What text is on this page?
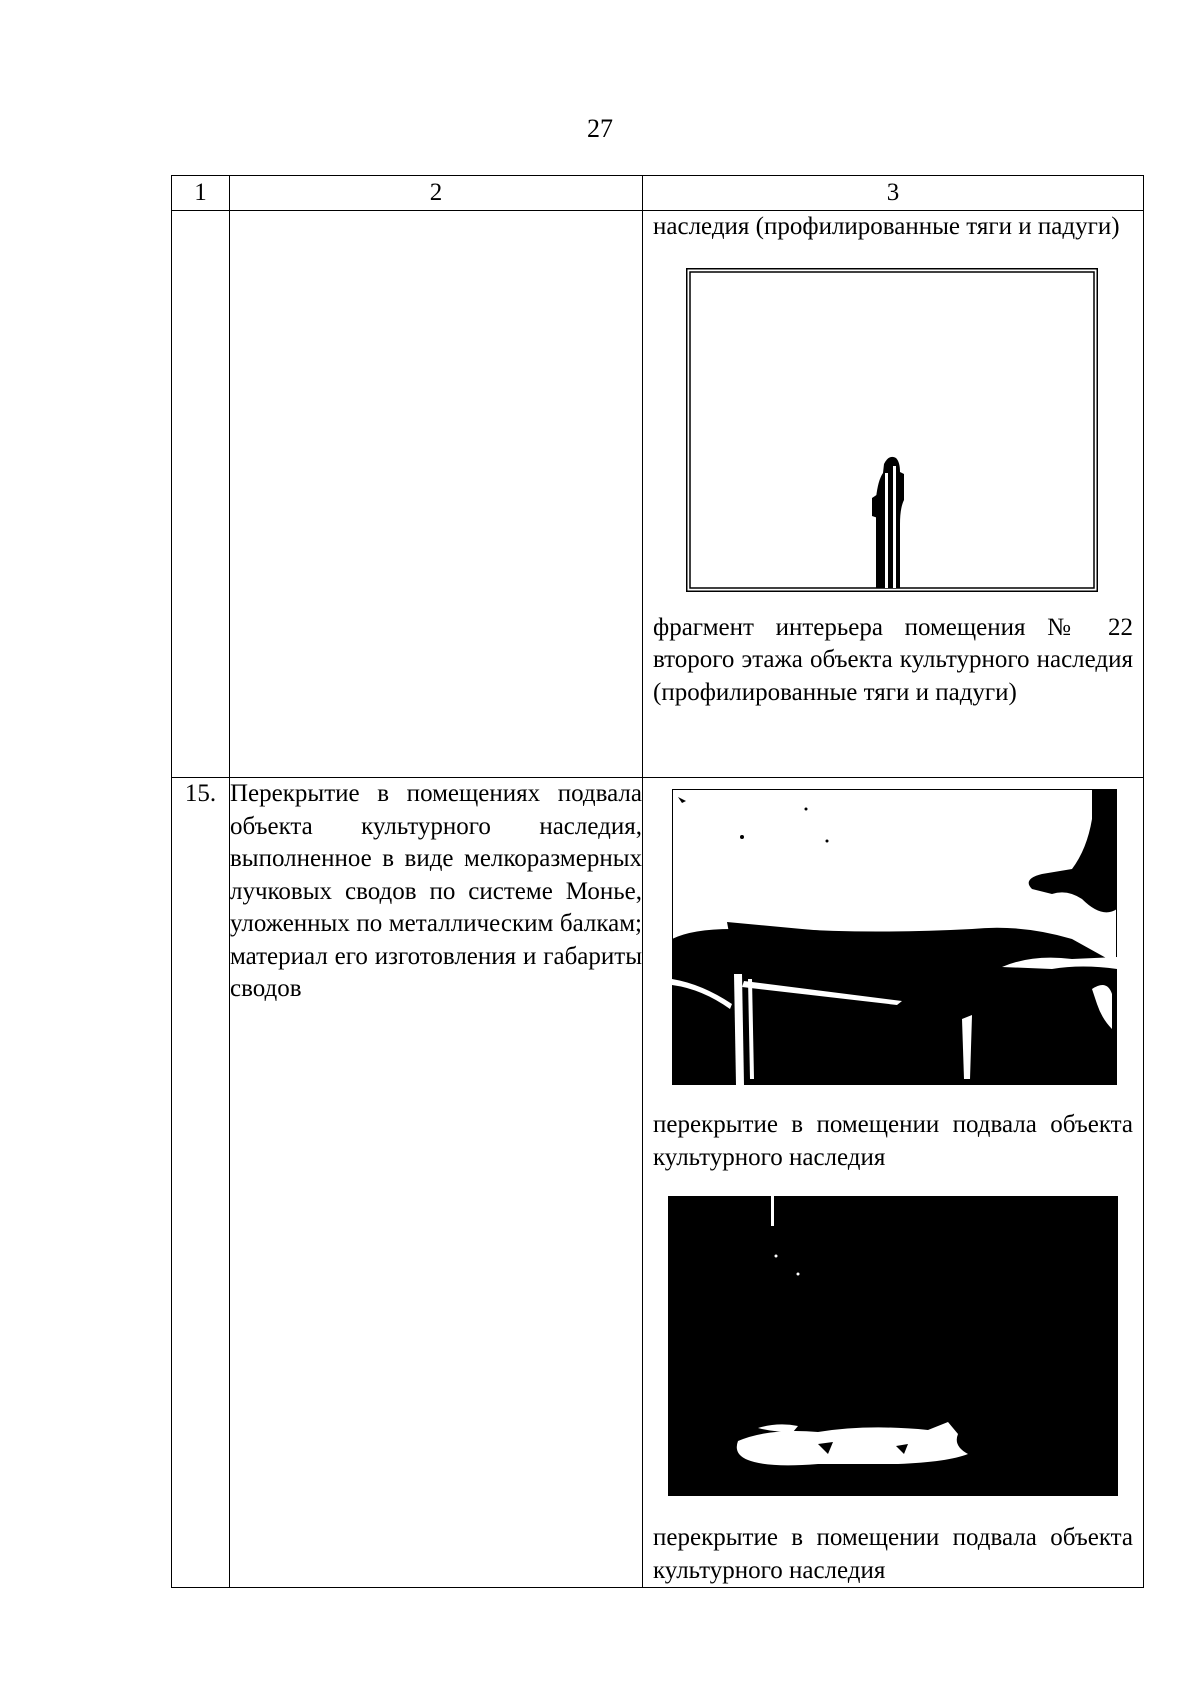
27
1	2	3

		наследия (профилированные тяги и падуги)
фрагмент интерьера помещения № 22 второго этажа объекта культурного наследия (профилированные тяги и падуги)

15.	Перекрытие в помещениях подвала объекта культурного наследия, выполненное в виде мелкоразмерных лучковых сводов по системе Монье, уложенных по металлическим балкам; материал его изготовления и габариты сводов	перекрытие в помещении подвала объекта культурного наследия
перекрытие в помещении подвала объекта культурного наследия
